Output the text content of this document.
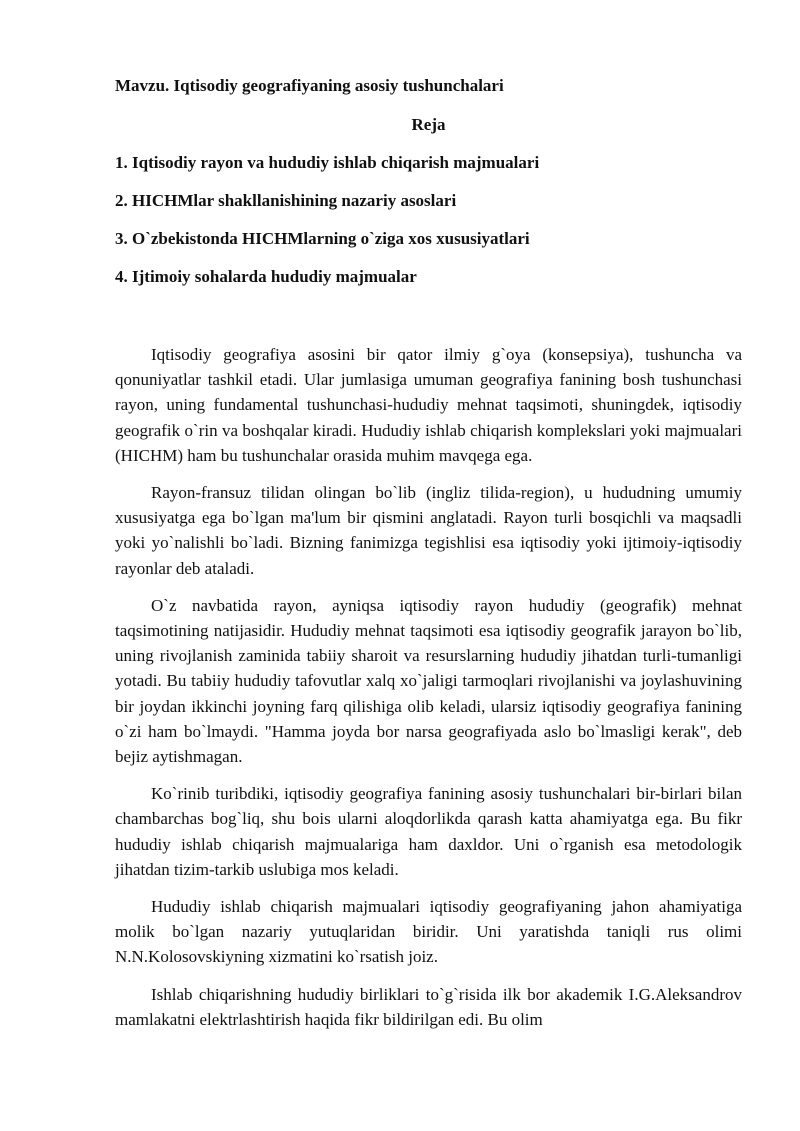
Mavzu. Iqtisodiy geografiyaning asosiy tushunchalari

Reja

1. Iqtisodiy rayon va hududiy ishlab chiqarish majmualari

2. HICHMlar shakllanishining nazariy asoslari

3. O`zbekistonda HICHMlarning o`ziga xos xususiyatlari

4. Ijtimoiy sohalarda hududiy majmualar

Iqtisodiy geografiya asosini bir qator ilmiy g`oya (konsepsiya), tushuncha va qonuniyatlar tashkil etadi. Ular jumlasiga umuman geografiya fanining bosh tushunchasi rayon, uning fundamental tushunchasi-hududiy mehnat taqsimoti, shuningdek, iqtisodiy geografik o`rin va boshqalar kiradi. Hududiy ishlab chiqarish komplekslari yoki majmualari (HICHM) ham bu tushunchalar orasida muhim mavqega ega.

Rayon-fransuz tilidan olingan bo`lib (ingliz tilida-region), u hududning umumiy xususiyatga ega bo`lgan ma'lum bir qismini anglatadi. Rayon turli bosqichli va maqsadli yoki yo`nalishli bo`ladi. Bizning fanimizga tegishlisi esa iqtisodiy yoki ijtimoiy-iqtisodiy rayonlar deb ataladi.

O`z navbatida rayon, ayniqsa iqtisodiy rayon hududiy (geografik) mehnat taqsimotining natijasidir. Hududiy mehnat taqsimoti esa iqtisodiy geografik jarayon bo`lib, uning rivojlanish zaminida tabiiy sharoit va resurslarning hududiy jihatdan turli-tumanligi yotadi. Bu tabiiy hududiy tafovutlar xalq xo`jaligi tarmoqlari rivojlanishi va joylashuvining bir joydan ikkinchi joyning farq qilishiga olib keladi, ularsiz iqtisodiy geografiya fanining o`zi ham bo`lmaydi. "Hamma joyda bor narsa geografiyada aslo bo`lmasligi kerak", deb bejiz aytishmagan.

Ko`rinib turibdiki, iqtisodiy geografiya fanining asosiy tushunchalari bir-birlari bilan chambarchas bog`liq, shu bois ularni aloqdorlikda qarash katta ahamiyatga ega. Bu fikr hududiy ishlab chiqarish majmualariga ham daxldor. Uni o`rganish esa metodologik jihatdan tizim-tarkib uslubiga mos keladi.

Hududiy ishlab chiqarish majmualari iqtisodiy geografiyaning jahon ahamiyatiga molik bo`lgan nazariy yutuqlaridan biridir. Uni yaratishda taniqli rus olimi N.N.Kolosovskiyning xizmatini ko`rsatish joiz.

Ishlab chiqarishning hududiy birliklari to`g`risida ilk bor akademik I.G.Aleksandrov mamlakatni elektrlashtirish haqida fikr bildirilgan edi. Bu olim
